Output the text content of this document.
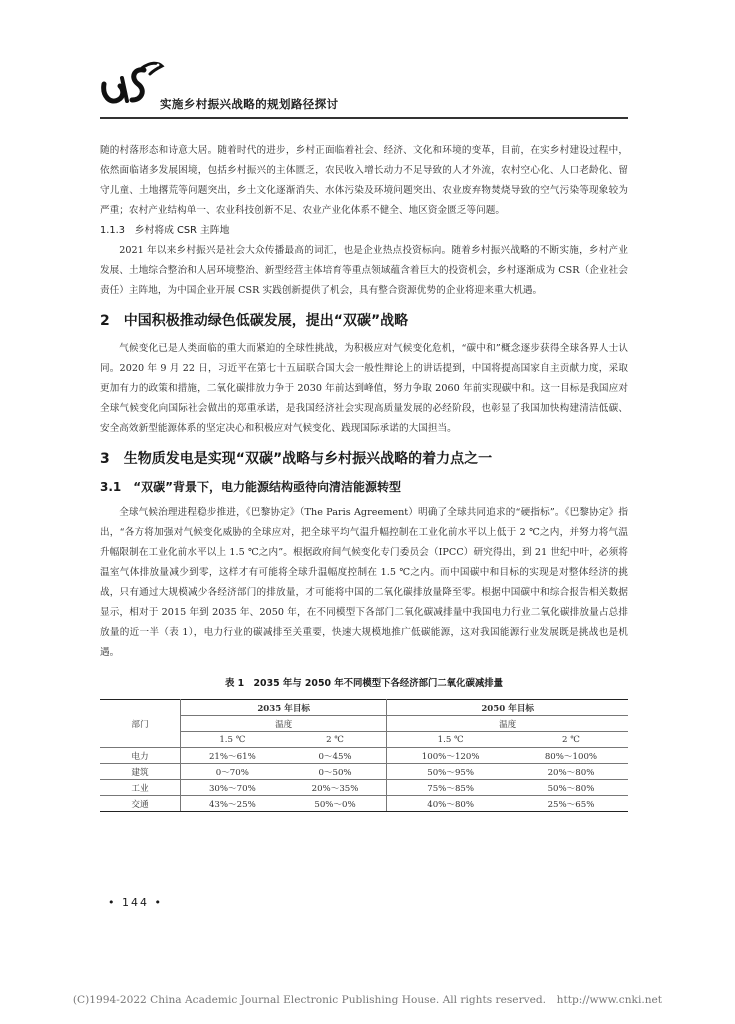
实施乡村振兴战略的规划路径探讨

随的村落形态和诗意大居。随着时代的进步，乡村正面临着社会、经济、文化和环境的变革，目前，在实乡村建设过程中，依然面临诸多发展困境，包括乡村振兴的主体匮乏，农民收入增长动力不足导致的人才外流，农村空心化、人口老龄化、留守儿童、土地撂荒等问题突出，乡土文化逐渐消失、水体污染及环境问题突出、农业废弃物焚烧导致的空气污染等现象较为严重；农村产业结构单一、农业科技创新不足、农业产业化体系不健全、地区资金匮乏等问题。

1.1.3　乡村将成 CSR 主阵地

2021 年以来乡村振兴是社会大众传播最高的词汇，也是企业热点投资标向。随着乡村振兴战略的不断实施，乡村产业发展、土地综合整治和人居环境整治、新型经营主体培育等重点领域蕴含着巨大的投资机会，乡村逐渐成为 CSR（企业社会责任）主阵地，为中国企业开展 CSR 实践创新提供了机会，具有整合资源优势的企业将迎来重大机遇。

2　中国积极推动绿色低碳发展，提出“双碳”战略

气候变化已是人类面临的重大而紧迫的全球性挑战，为积极应对气候变化危机，“碳中和”概念逐步获得全球各界人士认同。2020 年 9 月 22 日，习近平在第七十五届联合国大会一般性辩论上的讲话提到，中国将提高国家自主贡献力度，采取更加有力的政策和措施，二氧化碳排放力争于 2030 年前达到峰值，努力争取 2060 年前实现碳中和。这一目标是我国应对全球气候变化向国际社会做出的郑重承诺，是我国经济社会实现高质量发展的必经阶段，也彰显了我国加快构建清洁低碳、安全高效新型能源体系的坚定决心和积极应对气候变化、践现国际承诺的大国担当。

3　生物质发电是实现“双碳”战略与乡村振兴战略的着力点之一
3.1　“双碳”背景下，电力能源结构亟待向清洁能源转型

全球气候治理进程稳步推进，《巴黎协定》（The Paris Agreement）明确了全球共同追求的“硬指标”。《巴黎协定》指出，“各方将加强对气候变化威胁的全球应对，把全球平均气温升幅控制在工业化前水平以上低于 2 ℃之内，并努力将气温升幅限制在工业化前水平以上 1.5 ℃之内”。根据政府间气候变化专门委员会（IPCC）研究得出，到 21 世纪中叶，必须将温室气体排放量减少到零，这样才有可能将全球升温幅度控制在 1.5 ℃之内。而中国碳中和目标的实现是对整体经济的挑战，只有通过大规模减少各经济部门的排放量，才可能将中国的二氧化碳排放量降至零。根据中国碳中和综合报告相关数据显示，相对于 2015 年到 2035 年、2050 年，在不同模型下各部门二氧化碳减排量中我国电力行业二氧化碳排放量占总排放量的近一半（表 1），电力行业的碳减排至关重要，快速大规模地推广低碳能源，这对我国能源行业发展既是挑战也是机遇。

表 1　2035 年与 2050 年不同模型下各经济部门二氧化碳减排量
部门	2035 年目标		2050 年目标	
	温度		温度	
	1.5 ℃	2 ℃	1.5 ℃	2 ℃
电力	21%～61%	0～45%	100%～120%	80%～100%
建筑	0～70%	0～50%	50%～95%	20%～80%
工业	30%～70%	20%～35%	75%～85%	50%～80%
交通	43%～25%	50%～0%	40%～80%	25%～65%
• 144 •
(C)1994-2022 China Academic Journal Electronic Publishing House. All rights reserved.　http://www.cnki.net
